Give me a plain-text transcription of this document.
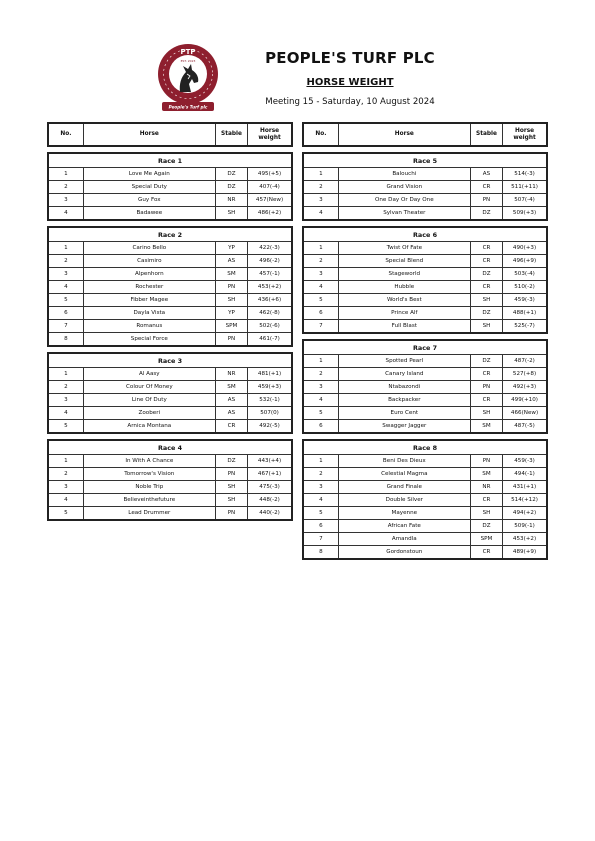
PTP
EST. 2023
People's Turf plc
PEOPLE'S TURF PLC
HORSE WEIGHT
Meeting 15 - Saturday, 10 August 2024
No.	Horse	Stable	Horse weight
Race 1			
1	Love Me Again	DZ	495(+5)
2	Special Duty	DZ	407(-4)
3	Guy Fox	NR	457(New)
4	Badawee	SH	486(+2)
Race 2			
1	Carino Bello	YP	422(-3)
2	Casimiro	AS	496(-2)
3	Alpenhorn	SM	457(-1)
4	Rochester	PN	453(+2)
5	Fibber Magee	SH	436(+6)
6	Dayla Vista	YP	462(-8)
7	Romanus	SPM	502(-6)
8	Special Force	PN	461(-7)
Race 3			
1	Al Aasy	NR	481(+1)
2	Colour Of Money	SM	459(+3)
3	Line Of Duty	AS	532(-1)
4	Zooberi	AS	507(0)
5	Arnica Montana	CR	492(-5)
Race 4			
1	In With A Chance	DZ	443(+4)
2	Tomorrow's Vision	PN	467(+1)
3	Noble Trip	SH	475(-3)
4	Believeinthefuture	SH	448(-2)
5	Lead Drummer	PN	440(-2)
No.	Horse	Stable	Horse weight
Race 5			
1	Balouchi	AS	514(-3)
2	Grand Vision	CR	511(+11)
3	One Day Or Day One	PN	507(-4)
4	Sylvan Theater	DZ	509(+3)
Race 6			
1	Twist Of Fate	CR	490(+3)
2	Special Blend	CR	496(+9)
3	Stageworld	DZ	503(-4)
4	Hubble	CR	510(-2)
5	World's Best	SH	459(-3)
6	Prince Alf	DZ	488(+1)
7	Full Blast	SH	525(-7)
Race 7			
1	Spotted Pearl	DZ	487(-2)
2	Canary Island	CR	527(+8)
3	Ntabazondi	PN	492(+3)
4	Backpacker	CR	499(+10)
5	Euro Cent	SH	466(New)
6	Swagger Jagger	SM	487(-5)
Race 8			
1	Beni Des Dieux	PN	459(-3)
2	Celestial Magma	SM	494(-1)
3	Grand Finale	NR	431(+1)
4	Double Silver	CR	514(+12)
5	Mayenne	SH	494(+2)
6	African Fate	DZ	509(-1)
7	Amandla	SPM	453(+2)
8	Gordonstoun	CR	489(+9)
